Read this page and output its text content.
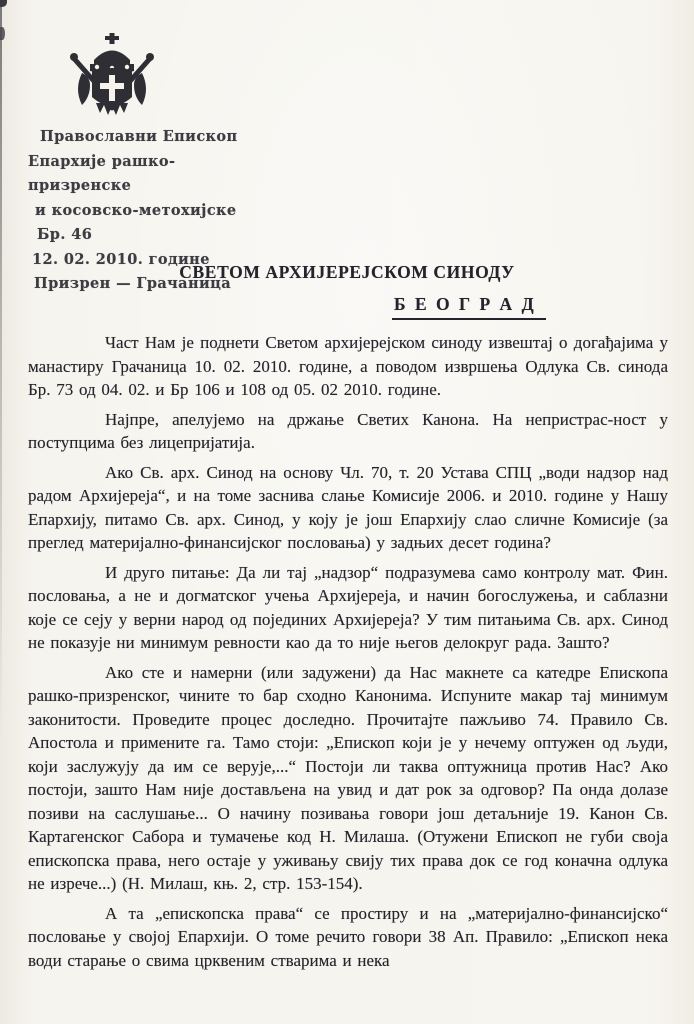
Православни Епископ
Епархије рашко-призренске
и косовско-метохијске
Бр. 46
12. 02. 2010. године
Призрен — Грачаница
СВЕТОМ АРХИЈЕРЕЈСКОМ СИНОДУ
Б Е О Г Р А Д

Част Нам је поднети Светом архијерејском синоду извештај о догађајима у манастиру Грачаница 10. 02. 2010. године, а поводом извршења Одлука Св. синода Бр. 73 од 04. 02. и Бр 106 и 108 од 05. 02 2010. године.

Најпре, апелујемо на држање Светих Канона. На непристрас-ност у поступцима без лицепријатија.

Ако Св. арх. Синод на основу Чл. 70, т. 20 Устава СПЦ „води надзор над радом Архијереја“, и на томе заснива слање Комисије 2006. и 2010. године у Нашу Епархију, питамо Св. арх. Синод, у коју је још Епархију слао сличне Комисије (за преглед материјално-финансијског пословања) у задњих десет година?

И друго питање: Да ли тај „надзор“ подразумева само контролу мат. Фин. пословања, а не и догматског учења Архијереја, и начин богослужења, и саблазни које се сеју у верни народ од појединих Архијереја? У тим питањима Св. арх. Синод не показује ни минимум ревности као да то није његов делокруг рада. Зашто?

Ако сте и намерни (или задужени) да Нас макнете са катедре Епископа рашко-призренског, чините то бар сходно Канонима. Испуните макар тај минимум законитости. Проведите процес доследно. Прочитајте пажљиво 74. Правило Св. Апостола и примените га. Тамо стоји: „Епископ који је у нечему оптужен од људи, који заслужују да им се верује,...“ Постоји ли таква оптужница против Нас? Ако постоји, зашто Нам није достављена на увид и дат рок за одговор? Па онда долазе позиви на саслушање... О начину позивања говори још детаљније 19. Канон Св. Картагенског Сабора и тумачење код Н. Милаша. (Отужени Епископ не губи своја епископска права, него остаје у уживању свију тих права док се год коначна одлука не изрече...) (Н. Милаш, књ. 2, стр. 153-154).

А та „епископска права“ се простиру и на „материјално-финансијско“ пословање у својој Епархији. О томе речито говори 38 Ап. Правило: „Епископ нека води старање о свима црквеним стварима и нека
